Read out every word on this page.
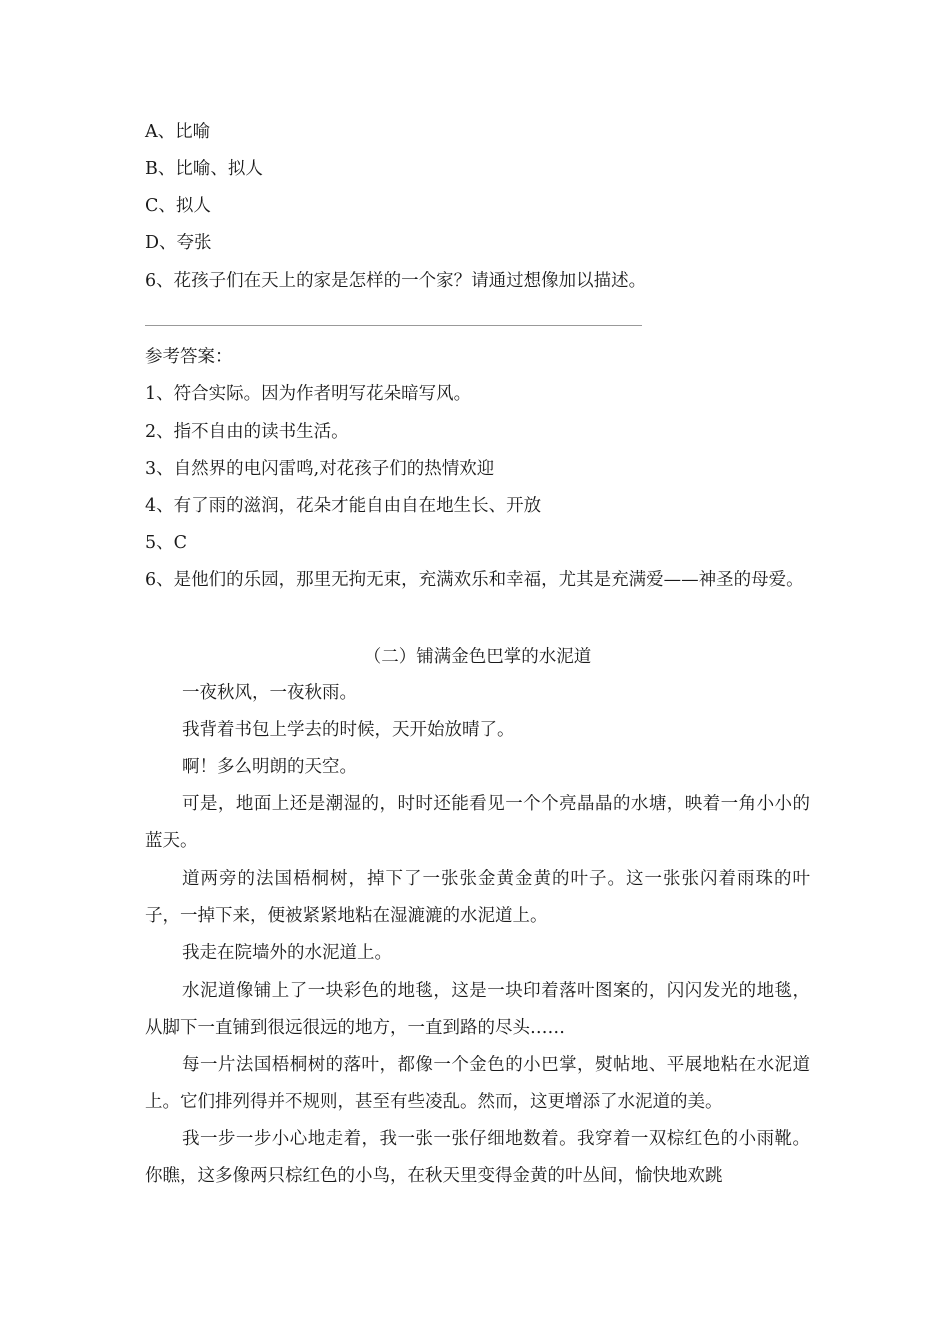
A、比喻
B、比喻、拟人
C、拟人
D、夸张
6、花孩子们在天上的家是怎样的一个家？请通过想像加以描述。
参考答案：
1、符合实际。因为作者明写花朵暗写风。
2、指不自由的读书生活。
3、自然界的电闪雷鸣,对花孩子们的热情欢迎
4、有了雨的滋润，花朵才能自由自在地生长、开放
5、C
6、是他们的乐园，那里无拘无束，充满欢乐和幸福，尤其是充满爱——神圣的母爱。
（二）铺满金色巴掌的水泥道
一夜秋风，一夜秋雨。
我背着书包上学去的时候，天开始放晴了。
啊！多么明朗的天空。
可是，地面上还是潮湿的，时时还能看见一个个亮晶晶的水塘，映着一角小小的蓝天。
道两旁的法国梧桐树，掉下了一张张金黄金黄的叶子。这一张张闪着雨珠的叶子，一掉下来，便被紧紧地粘在湿漉漉的水泥道上。
我走在院墙外的水泥道上。
水泥道像铺上了一块彩色的地毯，这是一块印着落叶图案的，闪闪发光的地毯，从脚下一直铺到很远很远的地方，一直到路的尽头……
每一片法国梧桐树的落叶，都像一个金色的小巴掌，熨帖地、平展地粘在水泥道上。它们排列得并不规则，甚至有些凌乱。然而，这更增添了水泥道的美。
我一步一步小心地走着，我一张一张仔细地数着。我穿着一双棕红色的小雨靴。你瞧，这多像两只棕红色的小鸟，在秋天里变得金黄的叶丛间，愉快地欢跳
